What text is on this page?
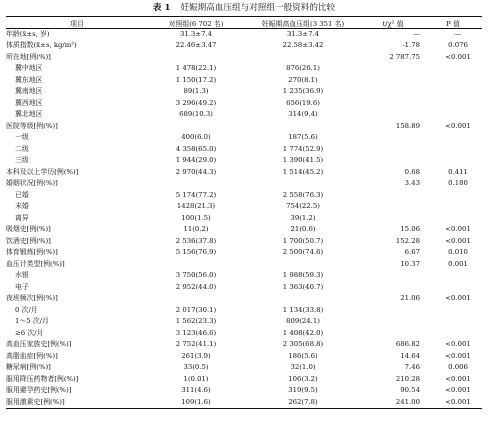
表 1 妊娠期高血压组与对照组一般资料的比较
项目	对照组(6 702 名)	妊娠期高血压组(3 351 名)	t/χ² 值	P 值
年龄(x̄±s, 岁)	31.3±7.4	31.3±7.4	—	—
体质指数(x̄±s, kg/m²)	22.46±3.47	22.58±3.42	-1.78	0.076
所在地[例(%)]			2 787.75	<0.001
冀中地区	1 478(22.1)	876(26.1)		
冀东地区	1 150(17.2)	270(8.1)		
冀南地区	89(1.3)	1 235(36.9)		
冀西地区	3 296(49.2)	656(19.6)		
冀北地区	689(10.3)	314(9.4)		
医院等级[例(%)]			158.89	<0.001
一级	400(6.0)	187(5.6)		
二级	4 358(65.0)	1 774(52.9)		
三级	1 944(29.0)	1 390(41.5)		
本科及以上学历[例(%)]	2 970(44.3)	1 514(45.2)	0.68	0.411
婚姻状况[例(%)]			3.43	0.180
已婚	5 174(77.2)	2 558(76.3)		
未婚	1428(21.3)	754(22.5)		
离异	100(1.5)	39(1.2)		
吸烟史[例(%)]	11(0.2)	21(0.6)	15.06	<0.001
饮酒史[例(%)]	2 536(37.8)	1 700(50.7)	152.28	<0.001
体育锻炼[例(%)]	5 156(76.9)	2 500(74.6)	6.67	0.010
血压计类型[例(%)]			10.37	0.001
水银	3 750(56.0)	1 988(59.3)		
电子	2 952(44.0)	1 363(40.7)		
夜班频次[例(%)]			21.06	<0.001
0 次/月	2 017(30.1)	1 134(33.8)		
1～5 次/月	1 562(23.3)	809(24.1)		
≥6 次/月	3 123(46.6)	1 408(42.0)		
高血压家族史[例(%)]	2 752(41.1)	2 305(68.8)	686.82	<0.001
高脂血症[例(%)]	261(3.9)	186(5.6)	14.64	<0.001
糖尿病[例(%)]	33(0.5)	32(1.0)	7.46	0.006
服用降压药物者[例(%)]	1(0.01)	106(3.2)	210.28	<0.001
服用避孕药史[例(%)]	311(4.6)	319(9.5)	90.54	<0.001
服用激素史[例(%)]	109(1.6)	262(7.8)	241.00	<0.001
